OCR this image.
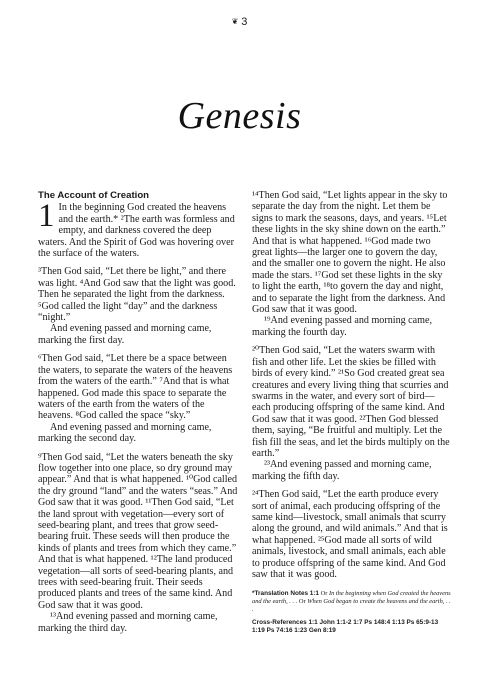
❦ 3
Genesis
The Account of Creation

1 In the beginning God created the heavens and the earth.* ²The earth was formless and empty, and darkness covered the deep waters. And the Spirit of God was hovering over the surface of the waters.

³Then God said, “Let there be light,” and there was light. ⁴And God saw that the light was good. Then he separated the light from the darkness. ⁵God called the light “day” and the darkness “night.”

And evening passed and morning came, marking the first day.

⁶Then God said, “Let there be a space between the waters, to separate the waters of the heavens from the waters of the earth.” ⁷And that is what happened. God made this space to separate the waters of the earth from the waters of the heavens. ⁸God called the space “sky.”

And evening passed and morning came, marking the second day.

⁹Then God said, “Let the waters beneath the sky flow together into one place, so dry ground may appear.” And that is what happened. ¹⁰God called the dry ground “land” and the waters “seas.” And God saw that it was good. ¹¹Then God said, “Let the land sprout with vegetation—every sort of seed-bearing plant, and trees that grow seed-bearing fruit. These seeds will then produce the kinds of plants and trees from which they came.” And that is what happened. ¹²The land produced vegetation—all sorts of seed-bearing plants, and trees with seed-bearing fruit. Their seeds produced plants and trees of the same kind. And God saw that it was good.

¹³And evening passed and morning came, marking the third day.

¹⁴Then God said, “Let lights appear in the sky to separate the day from the night. Let them be signs to mark the seasons, days, and years. ¹⁵Let these lights in the sky shine down on the earth.” And that is what happened. ¹⁶God made two great lights—the larger one to govern the day, and the smaller one to govern the night. He also made the stars. ¹⁷God set these lights in the sky to light the earth, ¹⁸to govern the day and night, and to separate the light from the darkness. And God saw that it was good.

¹⁹And evening passed and morning came, marking the fourth day.

²⁰Then God said, “Let the waters swarm with fish and other life. Let the skies be filled with birds of every kind.” ²¹So God created great sea creatures and every living thing that scurries and swarms in the water, and every sort of bird—each producing offspring of the same kind. And God saw that it was good. ²²Then God blessed them, saying, “Be fruitful and multiply. Let the fish fill the seas, and let the birds multiply on the earth.”

²³And evening passed and morning came, marking the fifth day.

²⁴Then God said, “Let the earth produce every sort of animal, each producing offspring of the same kind—livestock, small animals that scurry along the ground, and wild animals.” And that is what happened. ²⁵God made all sorts of wild animals, livestock, and small animals, each able to produce offspring of the same kind. And God saw that it was good.

*Translation Notes 1:1 Or In the beginning when God created the heavens and the earth, . . . Or When God began to create the heavens and the earth, . . .
Cross-References 1:1 John 1:1-2 1:7 Ps 148:4 1:13 Ps 65:9-13
1:19 Ps 74:16 1:23 Gen 8:19
